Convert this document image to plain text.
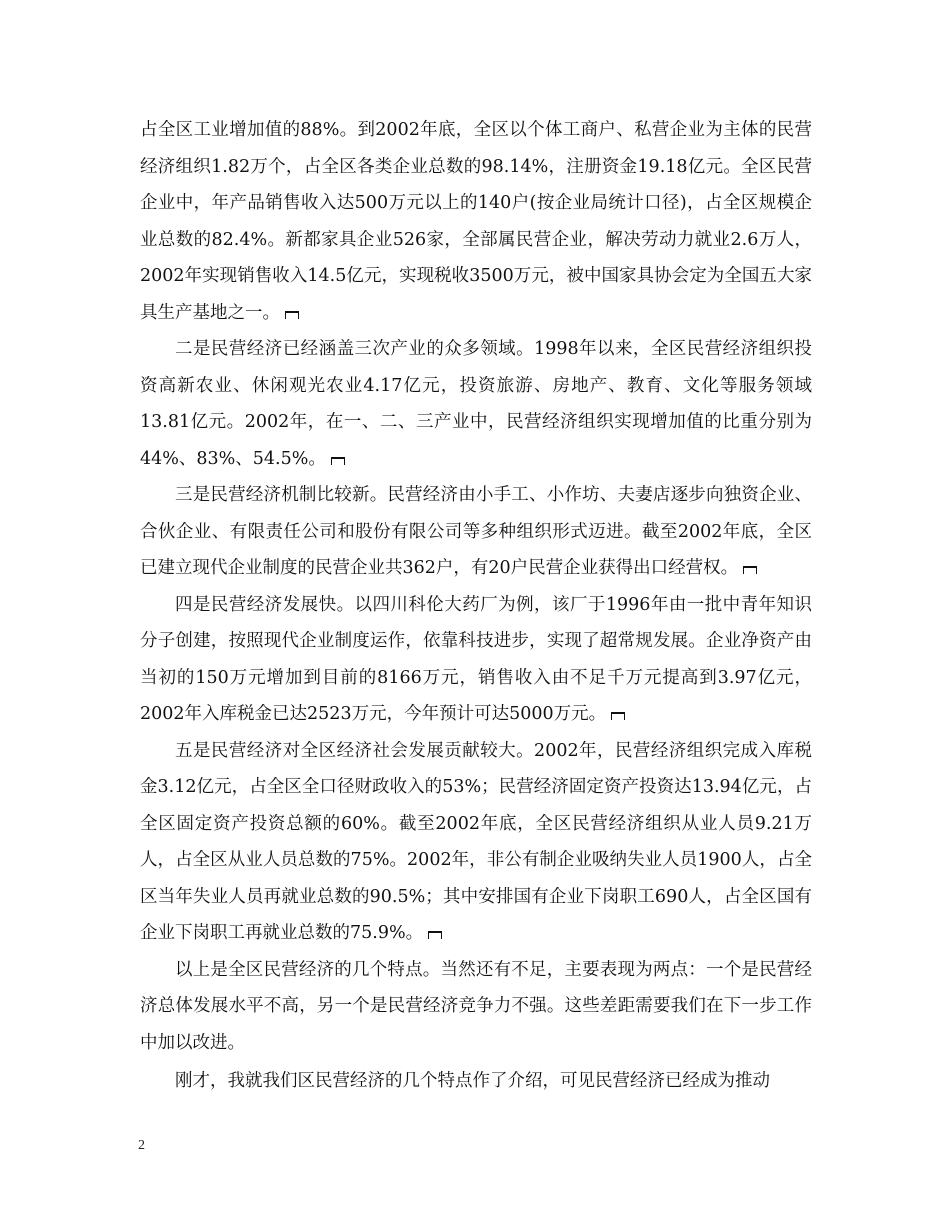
占全区工业增加值的88%。到2002年底，全区以个体工商户、私营企业为主体的民营经济组织1.82万个，占全区各类企业总数的98.14%，注册资金19.18亿元。全区民营企业中，年产品销售收入达500万元以上的140户(按企业局统计口径)，占全区规模企业总数的82.4%。新都家具企业526家，全部属民营企业，解决劳动力就业2.6万人，2002年实现销售收入14.5亿元，实现税收3500万元，被中国家具协会定为全国五大家具生产基地之一。

二是民营经济已经涵盖三次产业的众多领域。1998年以来，全区民营经济组织投资高新农业、休闲观光农业4.17亿元，投资旅游、房地产、教育、文化等服务领域13.81亿元。2002年，在一、二、三产业中，民营经济组织实现增加值的比重分别为44%、83%、54.5%。

三是民营经济机制比较新。民营经济由小手工、小作坊、夫妻店逐步向独资企业、合伙企业、有限责任公司和股份有限公司等多种组织形式迈进。截至2002年底，全区已建立现代企业制度的民营企业共362户，有20户民营企业获得出口经营权。

四是民营经济发展快。以四川科伦大药厂为例，该厂于1996年由一批中青年知识分子创建，按照现代企业制度运作，依靠科技进步，实现了超常规发展。企业净资产由当初的150万元增加到目前的8166万元，销售收入由不足千万元提高到3.97亿元，2002年入库税金已达2523万元，今年预计可达5000万元。

五是民营经济对全区经济社会发展贡献较大。2002年，民营经济组织完成入库税金3.12亿元，占全区全口径财政收入的53%；民营经济固定资产投资达13.94亿元，占全区固定资产投资总额的60%。截至2002年底，全区民营经济组织从业人员9.21万人，占全区从业人员总数的75%。2002年，非公有制企业吸纳失业人员1900人，占全区当年失业人员再就业总数的90.5%；其中安排国有企业下岗职工690人，占全区国有企业下岗职工再就业总数的75.9%。

以上是全区民营经济的几个特点。当然还有不足，主要表现为两点：一个是民营经济总体发展水平不高，另一个是民营经济竞争力不强。这些差距需要我们在下一步工作中加以改进。

刚才，我就我们区民营经济的几个特点作了介绍，可见民营经济已经成为推动

2
